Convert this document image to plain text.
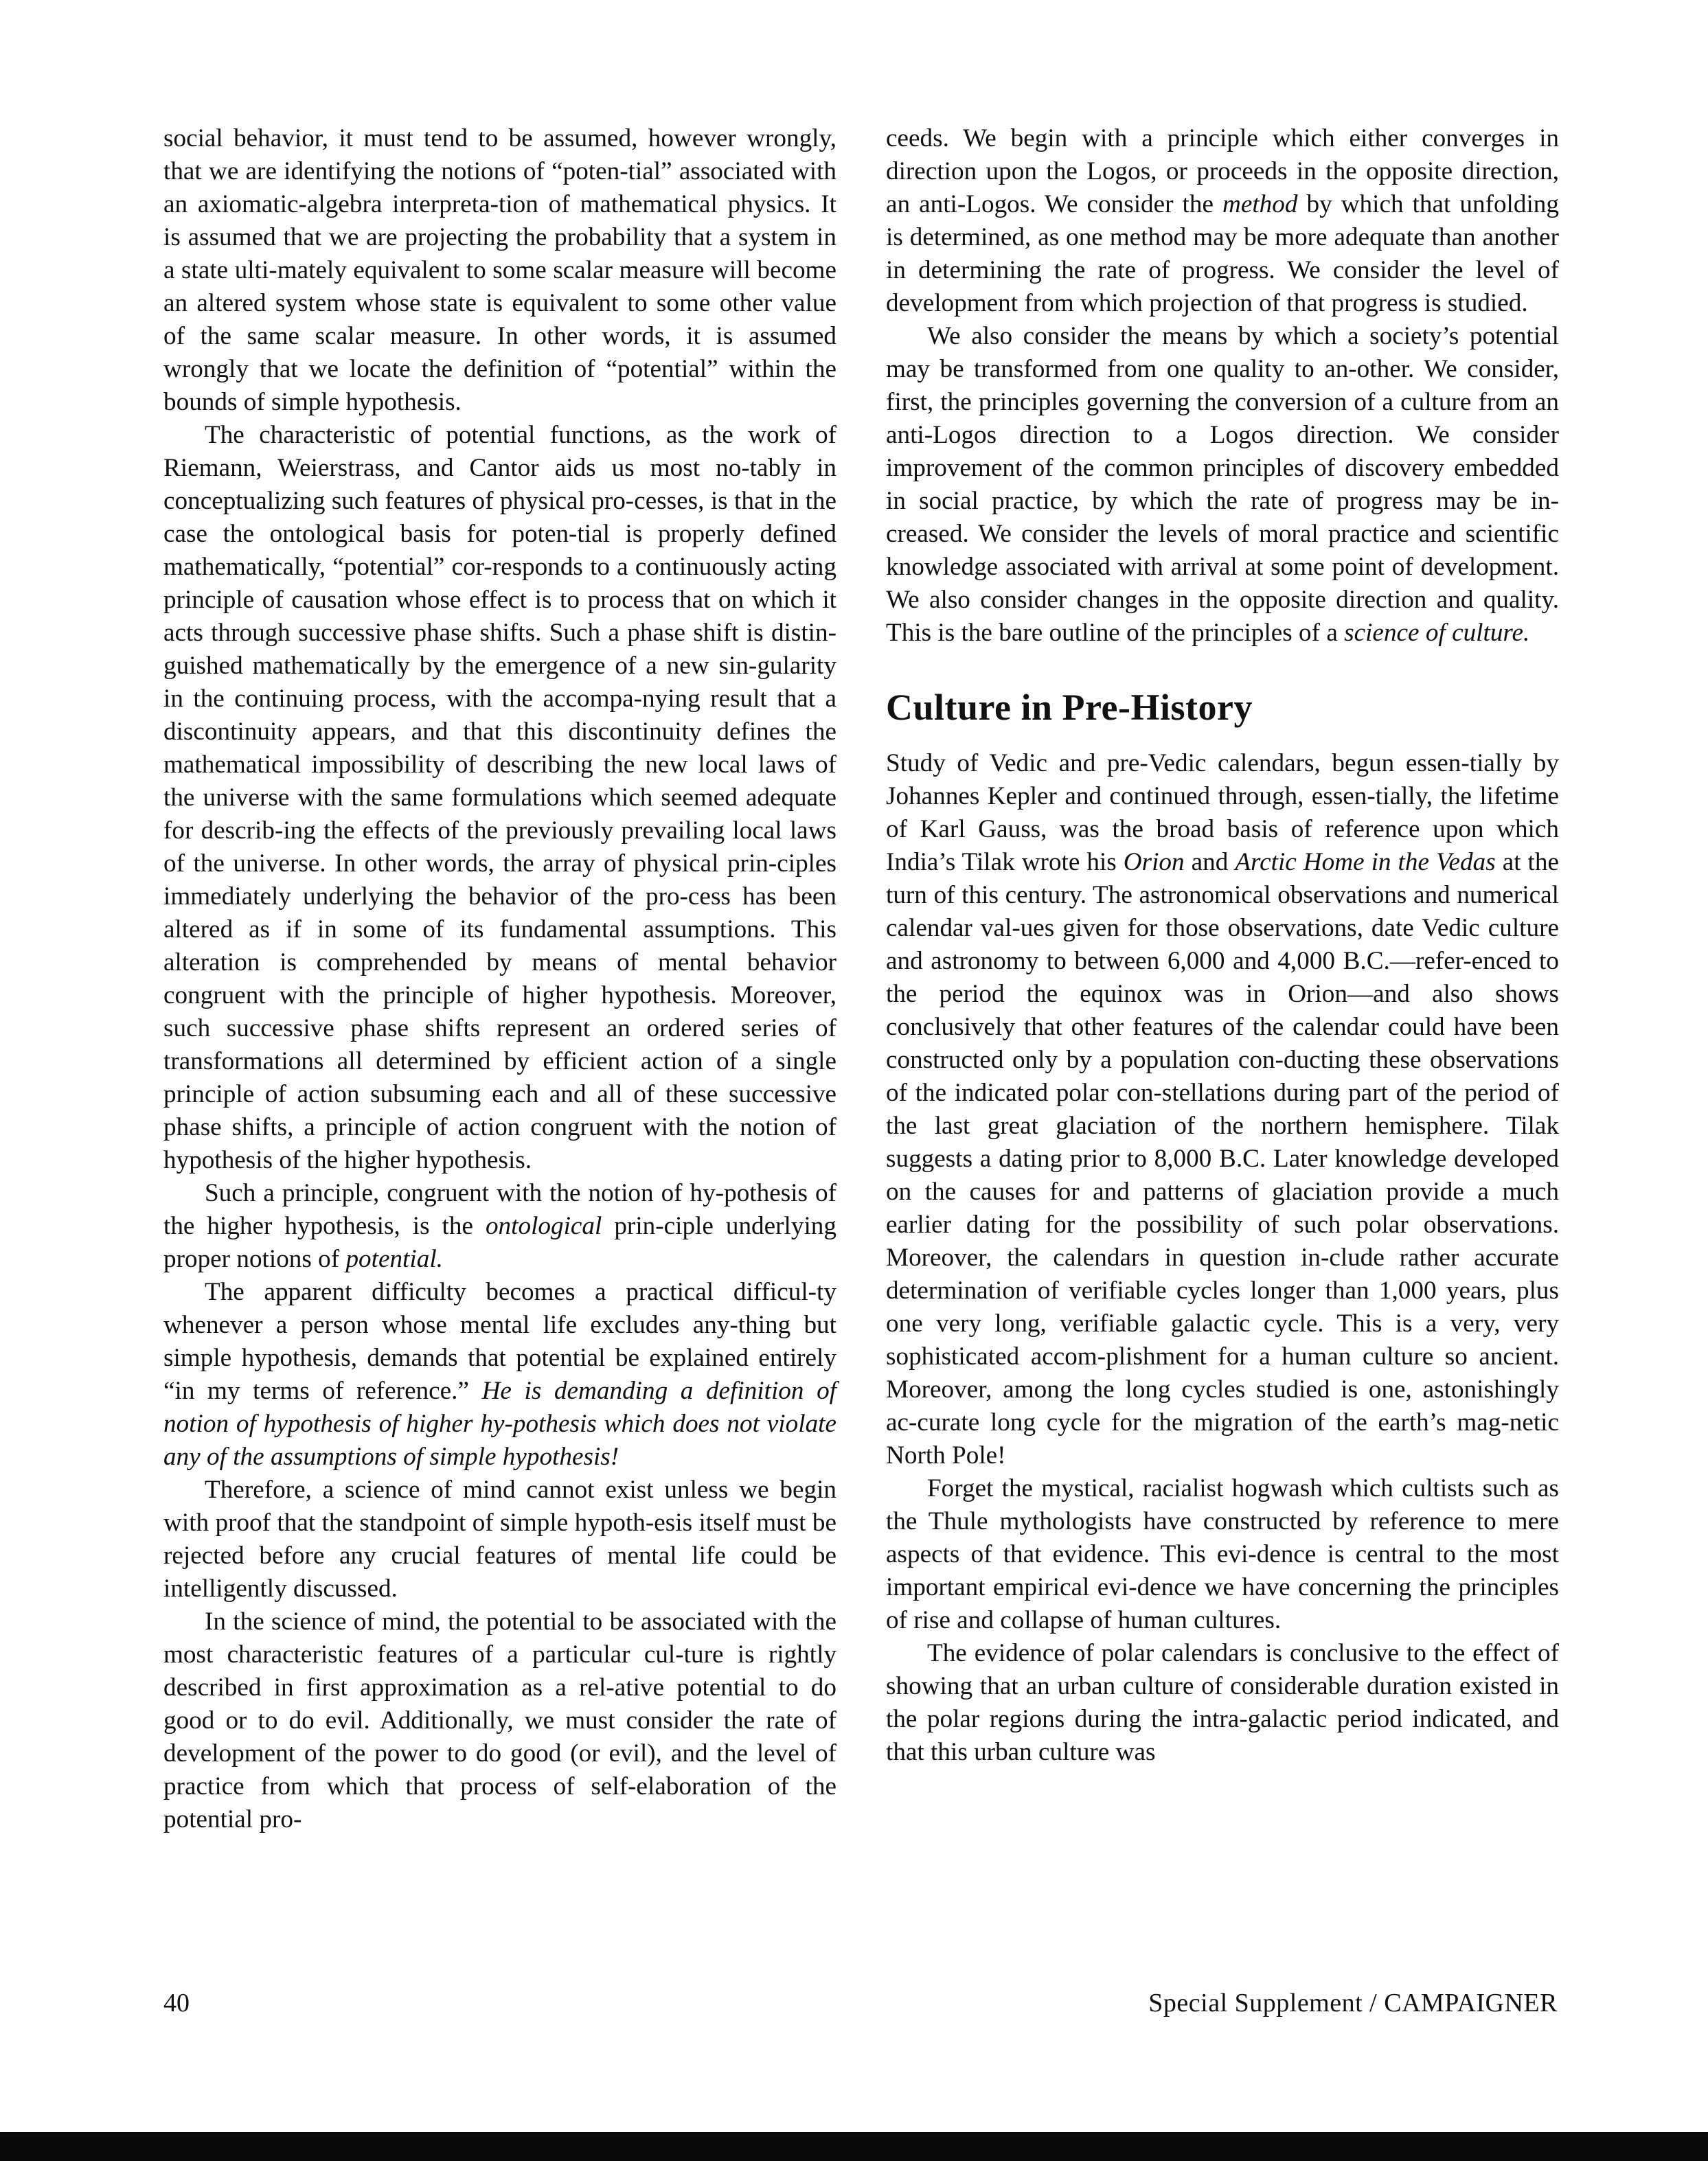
social behavior, it must tend to be assumed, however wrongly, that we are identifying the notions of “poten-tial” associated with an axiomatic-algebra interpreta-tion of mathematical physics. It is assumed that we are projecting the probability that a system in a state ulti-mately equivalent to some scalar measure will become an altered system whose state is equivalent to some other value of the same scalar measure. In other words, it is assumed wrongly that we locate the definition of “potential” within the bounds of simple hypothesis.

The characteristic of potential functions, as the work of Riemann, Weierstrass, and Cantor aids us most no-tably in conceptualizing such features of physical pro-cesses, is that in the case the ontological basis for poten-tial is properly defined mathematically, “potential” cor-responds to a continuously acting principle of causation whose effect is to process that on which it acts through successive phase shifts. Such a phase shift is distin-guished mathematically by the emergence of a new sin-gularity in the continuing process, with the accompa-nying result that a discontinuity appears, and that this discontinuity defines the mathematical impossibility of describing the new local laws of the universe with the same formulations which seemed adequate for describ-ing the effects of the previously prevailing local laws of the universe. In other words, the array of physical prin-ciples immediately underlying the behavior of the pro-cess has been altered as if in some of its fundamental assumptions. This alteration is comprehended by means of mental behavior congruent with the principle of higher hypothesis. Moreover, such successive phase shifts represent an ordered series of transformations all determined by efficient action of a single principle of action subsuming each and all of these successive phase shifts, a principle of action congruent with the notion of hypothesis of the higher hypothesis.

Such a principle, congruent with the notion of hy-pothesis of the higher hypothesis, is the ontological prin-ciple underlying proper notions of potential.

The apparent difficulty becomes a practical difficul-ty whenever a person whose mental life excludes any-thing but simple hypothesis, demands that potential be explained entirely “in my terms of reference.” He is demanding a definition of notion of hypothesis of higher hy-pothesis which does not violate any of the assumptions of simple hypothesis!

Therefore, a science of mind cannot exist unless we begin with proof that the standpoint of simple hypoth-esis itself must be rejected before any crucial features of mental life could be intelligently discussed.

In the science of mind, the potential to be associated with the most characteristic features of a particular cul-ture is rightly described in first approximation as a rel-ative potential to do good or to do evil. Additionally, we must consider the rate of development of the power to do good (or evil), and the level of practice from which that process of self-elaboration of the potential pro-

ceeds. We begin with a principle which either converges in direction upon the Logos, or proceeds in the opposite direction, an anti-Logos. We consider the method by which that unfolding is determined, as one method may be more adequate than another in determining the rate of progress. We consider the level of development from which projection of that progress is studied.

We also consider the means by which a society’s potential may be transformed from one quality to an-other. We consider, first, the principles governing the conversion of a culture from an anti-Logos direction to a Logos direction. We consider improvement of the common principles of discovery embedded in social practice, by which the rate of progress may be in-creased. We consider the levels of moral practice and scientific knowledge associated with arrival at some point of development. We also consider changes in the opposite direction and quality. This is the bare outline of the principles of a science of culture.

Culture in Pre-History

Study of Vedic and pre-Vedic calendars, begun essen-tially by Johannes Kepler and continued through, essen-tially, the lifetime of Karl Gauss, was the broad basis of reference upon which India’s Tilak wrote his Orion and Arctic Home in the Vedas at the turn of this century. The astronomical observations and numerical calendar val-ues given for those observations, date Vedic culture and astronomy to between 6,000 and 4,000 B.C.—refer-enced to the period the equinox was in Orion—and also shows conclusively that other features of the calendar could have been constructed only by a population con-ducting these observations of the indicated polar con-stellations during part of the period of the last great glaciation of the northern hemisphere. Tilak suggests a dating prior to 8,000 B.C. Later knowledge developed on the causes for and patterns of glaciation provide a much earlier dating for the possibility of such polar observations. Moreover, the calendars in question in-clude rather accurate determination of verifiable cycles longer than 1,000 years, plus one very long, verifiable galactic cycle. This is a very, very sophisticated accom-plishment for a human culture so ancient. Moreover, among the long cycles studied is one, astonishingly ac-curate long cycle for the migration of the earth’s mag-netic North Pole!

Forget the mystical, racialist hogwash which cultists such as the Thule mythologists have constructed by reference to mere aspects of that evidence. This evi-dence is central to the most important empirical evi-dence we have concerning the principles of rise and collapse of human cultures.

The evidence of polar calendars is conclusive to the effect of showing that an urban culture of considerable duration existed in the polar regions during the intra-galactic period indicated, and that this urban culture was

40	Special Supplement / CAMPAIGNER
